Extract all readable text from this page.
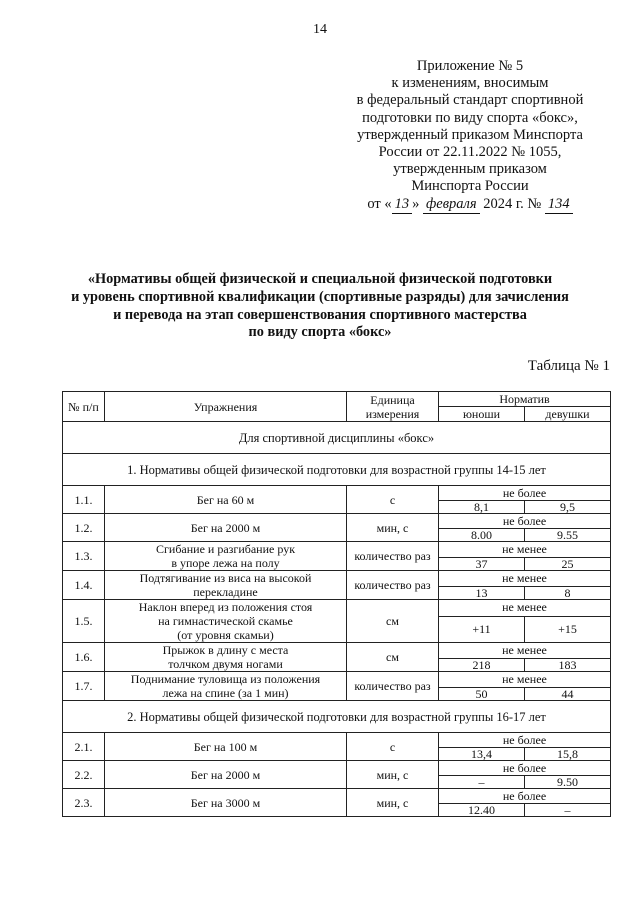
14
Приложение № 5
к изменениям, вносимым
в федеральный стандарт спортивной
подготовки по виду спорта «бокс»,
утвержденный приказом Минспорта
России от 22.11.2022 № 1055,
утвержденным приказом
Минспорта России
от « 13 » февраля 2024 г. № 134
«Нормативы общей физической и специальной физической подготовки
и уровень спортивной квалификации (спортивные разряды) для зачисления
и перевода на этап совершенствования спортивного мастерства
по виду спорта «бокс»
Таблица № 1
№ п/п	Упражнения	Единица измерения	Норматив	
			юноши	девушки
Для спортивной дисциплины «бокс»				
1. Нормативы общей физической подготовки для возрастной группы 14-15 лет				
1.1.	Бег на 60 м	с	не более	
			8,1	9,5
1.2.	Бег на 2000 м	мин, с	не более	
			8.00	9.55
1.3.	Сгибание и разгибание рук
в упоре лежа на полу	количество раз	не менее	
			37	25
1.4.	Подтягивание из виса на высокой
перекладине	количество раз	не менее	
			13	8
1.5.	Наклон вперед из положения стоя
на гимнастической скамье
(от уровня скамьи)	см	не менее	
			+11	+15
1.6.	Прыжок в длину с места
толчком двумя ногами	см	не менее	
			218	183
1.7.	Поднимание туловища из положения
лежа на спине (за 1 мин)	количество раз	не менее	
			50	44
2. Нормативы общей физической подготовки для возрастной группы 16-17 лет				
2.1.	Бег на 100 м	с	не более	
			13,4	15,8
2.2.	Бег на 2000 м	мин, с	не более	
			–	9.50
2.3.	Бег на 3000 м	мин, с	не более	
			12.40	–
